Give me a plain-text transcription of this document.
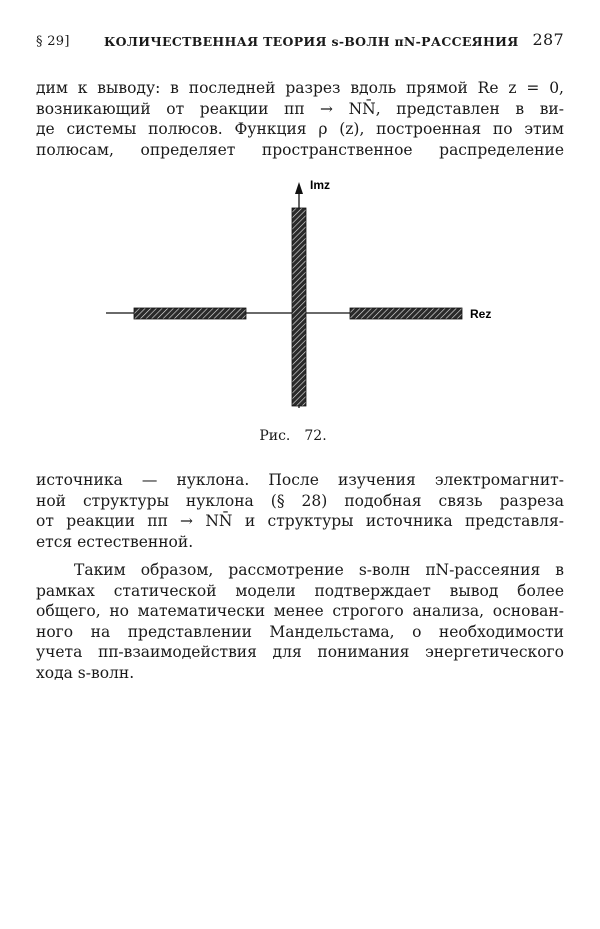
§ 29]	КОЛИЧЕСТВЕННАЯ ТЕОРИЯ s-ВОЛН πN-РАССЕЯНИЯ 287
дим к выводу: в последней разрез вдоль прямой Re z = 0,
возникающий от реакции ππ → NN̄, представлен в ви-
де системы полюсов. Функция ρ (z), построенная по этим
полюсам, определяет пространственное распределение
Imz
Rez
Рис. 72.
источника — нуклона. После изучения электромагнит-
ной структуры нуклона (§ 28) подобная связь разреза
от реакции ππ → NN̄ и структуры источника представля-
ется естественной.
Таким образом, рассмотрение s-волн πN-рассеяния в
рамках статической модели подтверждает вывод более
общего, но математически менее строгого анализа, основан-
ного на представлении Мандельстама, о необходимости
учета ππ-взаимодействия для понимания энергетического
хода s-волн.
